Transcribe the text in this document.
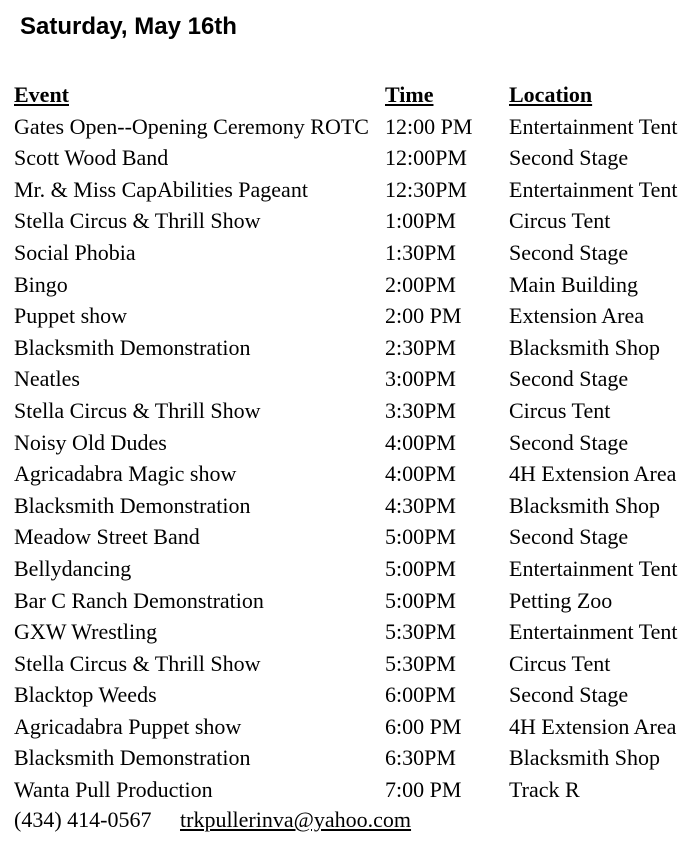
Saturday, May 16th
Event	Time	Location
Gates Open--Opening Ceremony ROTC 12:00 PM Entertainment Tent
Scott Wood Band	12:00PM Second Stage
Mr. & Miss CapAbilities Pageant	12:30PM Entertainment Tent
Stella Circus & Thrill Show	1:00PM Circus Tent
Social Phobia	1:30PM Second Stage
Bingo	2:00PM Main Building
Puppet show	2:00 PM Extension Area
Blacksmith Demonstration	2:30PM Blacksmith Shop
Neatles	3:00PM Second Stage
Stella Circus & Thrill Show	3:30PM Circus Tent
Noisy Old Dudes	4:00PM Second Stage
Agricadabra Magic show	4:00PM 4H Extension Area
Blacksmith Demonstration	4:30PM Blacksmith Shop
Meadow Street Band	5:00PM Second Stage
Bellydancing	5:00PM Entertainment Tent
Bar C Ranch Demonstration	5:00PM Petting Zoo
GXW Wrestling	5:30PM Entertainment Tent
Stella Circus & Thrill Show	5:30PM Circus Tent
Blacktop Weeds	6:00PM Second Stage
Agricadabra Puppet show	6:00 PM 4H Extension Area
Blacksmith Demonstration	6:30PM Blacksmith Shop
Wanta Pull Production	7:00 PM Track R
(434) 414-0567 trkpullerinva@yahoo.com
